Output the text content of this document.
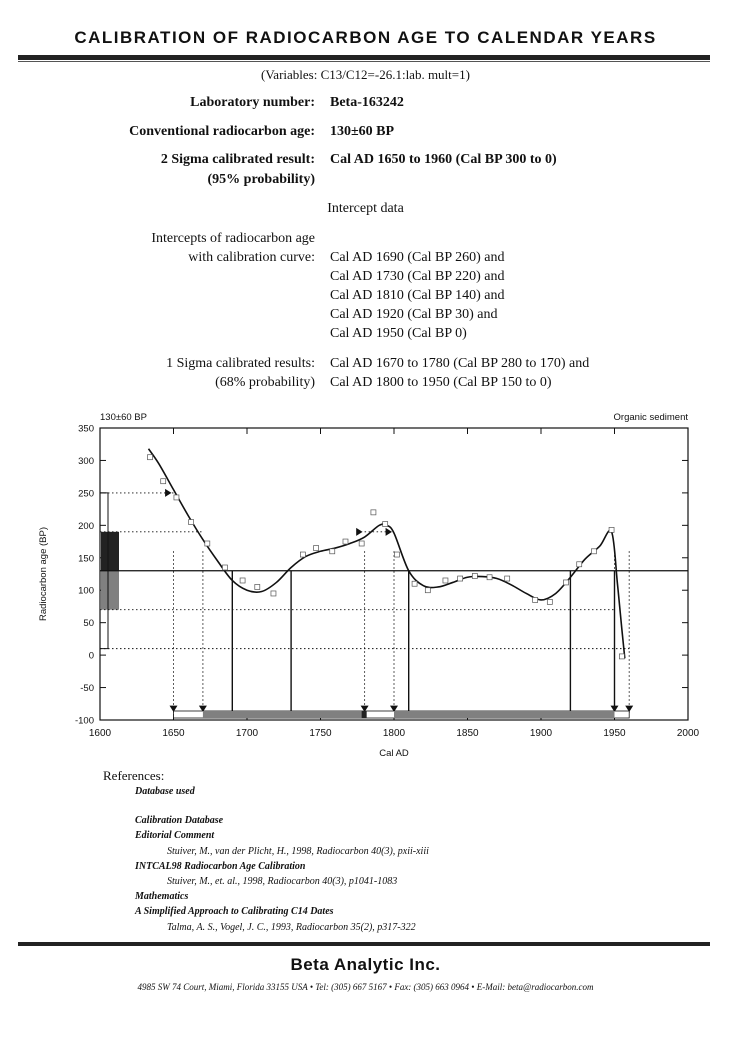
CALIBRATION OF RADIOCARBON AGE TO CALENDAR YEARS
(Variables: C13/C12=-26.1:lab. mult=1)
Laboratory number: Beta-163242
Conventional radiocarbon age: 130±60 BP
2 Sigma calibrated result:
(95% probability)
Cal AD 1650 to 1960 (Cal BP 300 to 0)
Intercept data
Intercepts of radiocarbon age
with calibration curve: Cal AD 1690 (Cal BP 260) and
Cal AD 1730 (Cal BP 220) and
Cal AD 1810 (Cal BP 140) and
Cal AD 1920 (Cal BP 30) and
Cal AD 1950 (Cal BP 0)
1 Sigma calibrated results:
(68% probability)
Cal AD 1670 to 1780 (Cal BP 280 to 170) and
Cal AD 1800 to 1950 (Cal BP 150 to 0)
130±60 BP	Organic sediment
Cal AD
Radiocarbon age (BP)
1600	1650	1700	1750	1800	1850	1900	1950	2000
-100
-50
0
50
100
150
200
250
300
350
References:
Database used
Calibration Database
Editorial Comment
Stuiver, M., van der Plicht, H., 1998, Radiocarbon 40(3), pxii-xiii
INTCAL98 Radiocarbon Age Calibration
Stuiver, M., et. al., 1998, Radiocarbon 40(3), p1041-1083
Mathematics
A Simplified Approach to Calibrating C14 Dates
Talma, A. S., Vogel, J. C., 1993, Radiocarbon 35(2), p317-322
Beta Analytic Inc.
4985 SW 74 Court, Miami, Florida 33155 USA • Tel: (305) 667 5167 • Fax: (305) 663 0964 • E-Mail: beta@radiocarbon.com
